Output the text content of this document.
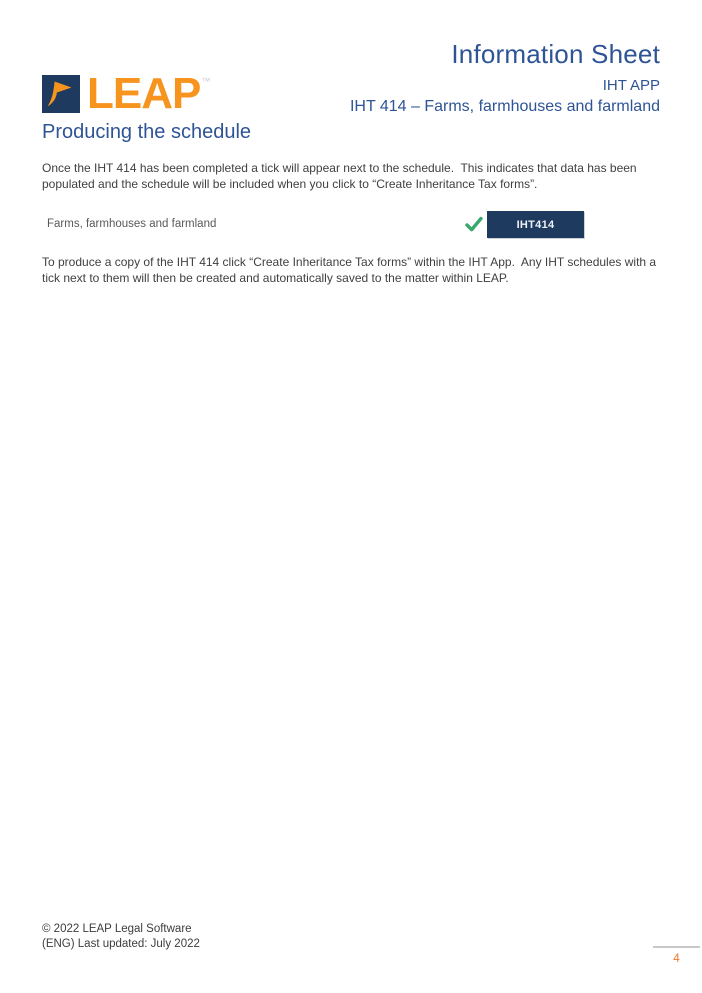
Information Sheet
IHT APP
IHT 414 – Farms, farmhouses and farmland
LEAP ™
Producing the schedule

Once the IHT 414 has been completed a tick will appear next to the schedule.  This indicates that data has been populated and the schedule will be included when you click to “Create Inheritance Tax forms”.

Farms, farmhouses and farmland	IHT414

To produce a copy of the IHT 414 click “Create Inheritance Tax forms” within the IHT App.  Any IHT schedules with a tick next to them will then be created and automatically saved to the matter within LEAP.

© 2022 LEAP Legal Software
(ENG) Last updated: July 2022
4
